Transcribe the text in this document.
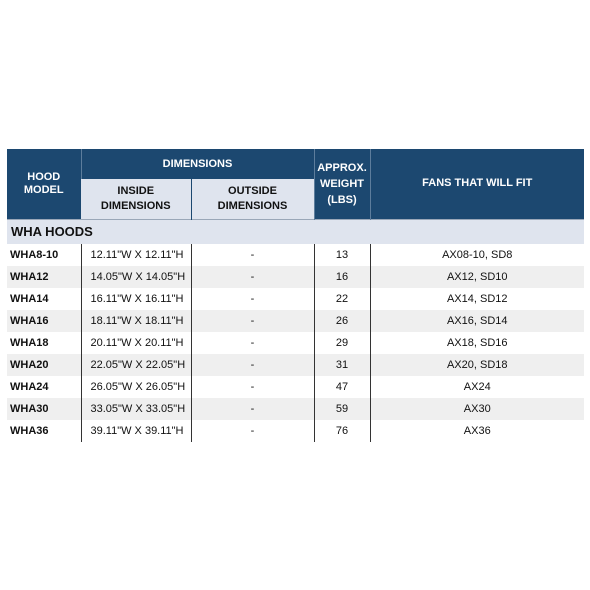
HOOD MODEL	DIMENSIONS		APPROX. WEIGHT (LBS)	FANS THAT WILL FIT
	INSIDE DIMENSIONS	OUTSIDE DIMENSIONS		
WHA HOODS				
WHA8-10	12.11"W X 12.11"H	-	13	AX08-10, SD8
WHA12	14.05"W X 14.05"H	-	16	AX12, SD10
WHA14	16.11"W X 16.11"H	-	22	AX14, SD12
WHA16	18.11"W X 18.11"H	-	26	AX16, SD14
WHA18	20.11"W X 20.11"H	-	29	AX18, SD16
WHA20	22.05"W X 22.05"H	-	31	AX20, SD18
WHA24	26.05"W X 26.05"H	-	47	AX24
WHA30	33.05"W X 33.05"H	-	59	AX30
WHA36	39.11"W X 39.11"H	-	76	AX36
